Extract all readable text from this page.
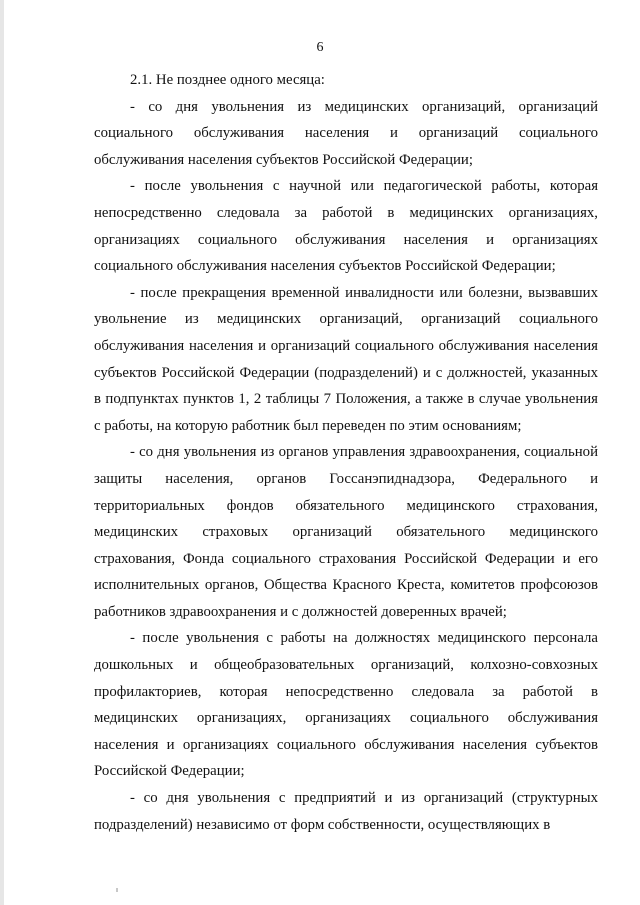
6

2.1. Не позднее одного месяца:

- со дня увольнения из медицинских организаций, организаций социального обслуживания населения и организаций социального обслуживания населения субъектов Российской Федерации;

- после увольнения с научной или педагогической работы, которая непосредственно следовала за работой в медицинских организациях, организациях социального обслуживания населения и организациях социального обслуживания населения субъектов Российской Федерации;

- после прекращения временной инвалидности или болезни, вызвавших увольнение из медицинских организаций, организаций социального обслуживания населения и организаций социального обслуживания населения субъектов Российской Федерации (подразделений) и с должностей, указанных в подпунктах пунктов 1, 2 таблицы 7 Положения, а также в случае увольнения с работы, на которую работник был переведен по этим основаниям;

- со дня увольнения из органов управления здравоохранения, социальной защиты населения, органов Госсанэпиднадзора, Федерального и территориальных фондов обязательного медицинского страхования, медицинских страховых организаций обязательного медицинского страхования, Фонда социального страхования Российской Федерации и его исполнительных органов, Общества Красного Креста, комитетов профсоюзов работников здравоохранения и с должностей доверенных врачей;

- после увольнения с работы на должностях медицинского персонала дошкольных и общеобразовательных организаций, колхозно-совхозных профилакториев, которая непосредственно следовала за работой в медицинских организациях, организациях социального обслуживания населения и организациях социального обслуживания населения субъектов Российской Федерации;

- со дня увольнения с предприятий и из организаций (структурных подразделений) независимо от форм собственности, осуществляющих в
